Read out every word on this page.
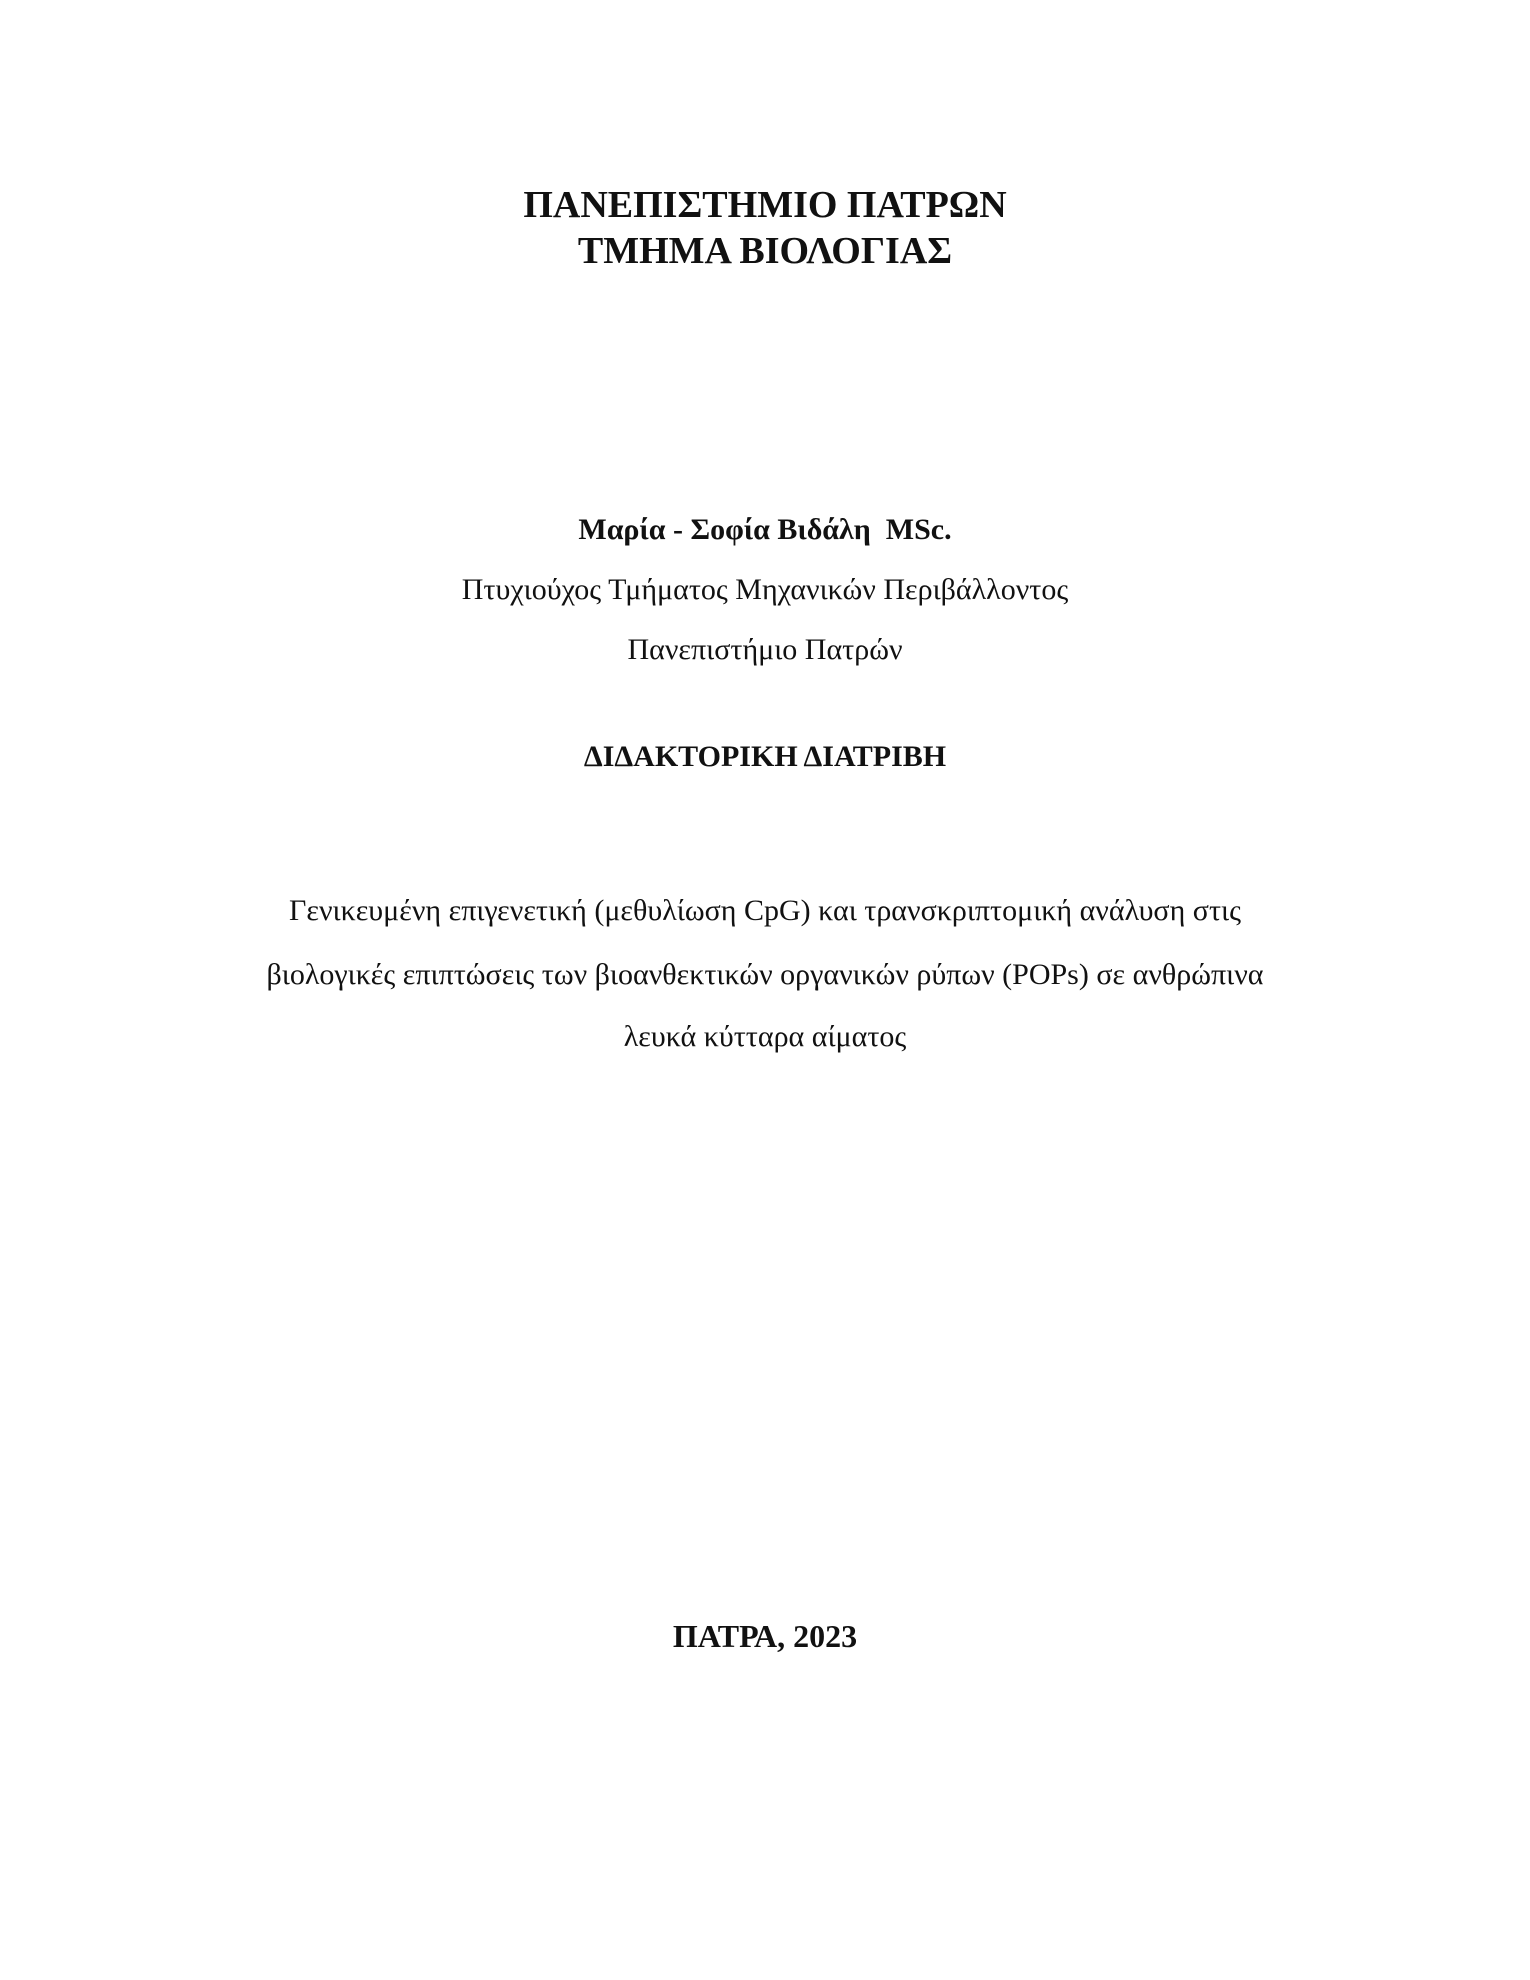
ΠΑΝΕΠΙΣΤΗΜΙΟ ΠΑΤΡΩΝ
ΤΜΗΜΑ ΒΙΟΛΟΓΙΑΣ
Μαρία - Σοφία Βιδάλη  MSc.
Πτυχιούχος Τμήματος Μηχανικών Περιβάλλοντος
Πανεπιστήμιο Πατρών
ΔΙΔΑΚΤΟΡΙΚΗ ΔΙΑΤΡΙΒΗ
Γενικευμένη επιγενετική (μεθυλίωση CpG) και τρανσκριπτομική ανάλυση στις
βιολογικές επιπτώσεις των βιοανθεκτικών οργανικών ρύπων (POPs) σε ανθρώπινα
λευκά κύτταρα αίματος
ΠΑΤΡΑ, 2023
